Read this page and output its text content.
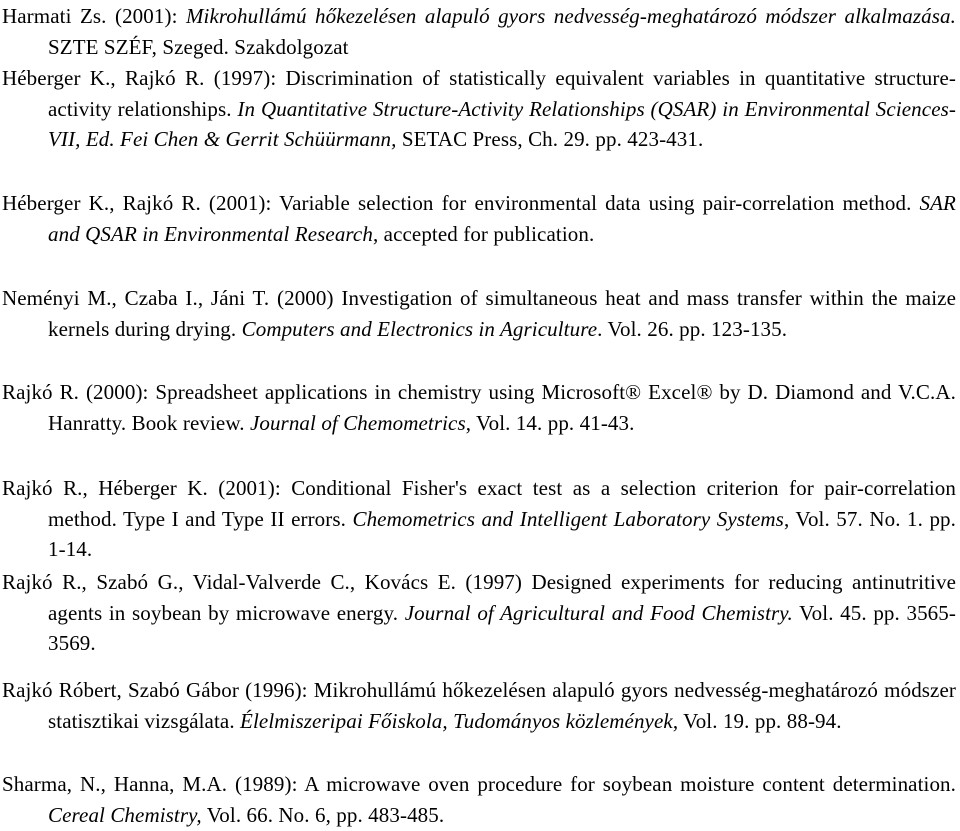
Harmati Zs. (2001): Mikrohullámú hőkezelésen alapuló gyors nedvesség-meghatározó módszer alkalmazása. SZTE SZÉF, Szeged. Szakdolgozat
Héberger K., Rajkó R. (1997): Discrimination of statistically equivalent variables in quantitative structure-activity relationships. In Quantitative Structure-Activity Relationships (QSAR) in Environmental Sciences-VII, Ed. Fei Chen & Gerrit Schüürmann, SETAC Press, Ch. 29. pp. 423-431.
Héberger K., Rajkó R. (2001): Variable selection for environmental data using pair-correlation method. SAR and QSAR in Environmental Research, accepted for publication.
Neményi M., Czaba I., Jáni T. (2000) Investigation of simultaneous heat and mass transfer within the maize kernels during drying. Computers and Electronics in Agriculture. Vol. 26. pp. 123-135.
Rajkó R. (2000): Spreadsheet applications in chemistry using Microsoft® Excel® by D. Diamond and V.C.A. Hanratty. Book review. Journal of Chemometrics, Vol. 14. pp. 41-43.
Rajkó R., Héberger K. (2001): Conditional Fisher's exact test as a selection criterion for pair-correlation method. Type I and Type II errors. Chemometrics and Intelligent Laboratory Systems, Vol. 57. No. 1. pp. 1-14.
Rajkó R., Szabó G., Vidal-Valverde C., Kovács E. (1997) Designed experiments for reducing antinutritive agents in soybean by microwave energy. Journal of Agricultural and Food Chemistry. Vol. 45. pp. 3565-3569.
Rajkó Róbert, Szabó Gábor (1996): Mikrohullámú hőkezelésen alapuló gyors nedvesség-meghatározó módszer statisztikai vizsgálata. Élelmiszeripai Főiskola, Tudományos közlemények, Vol. 19. pp. 88-94.
Sharma, N., Hanna, M.A. (1989): A microwave oven procedure for soybean moisture content determination. Cereal Chemistry, Vol. 66. No. 6, pp. 483-485.
